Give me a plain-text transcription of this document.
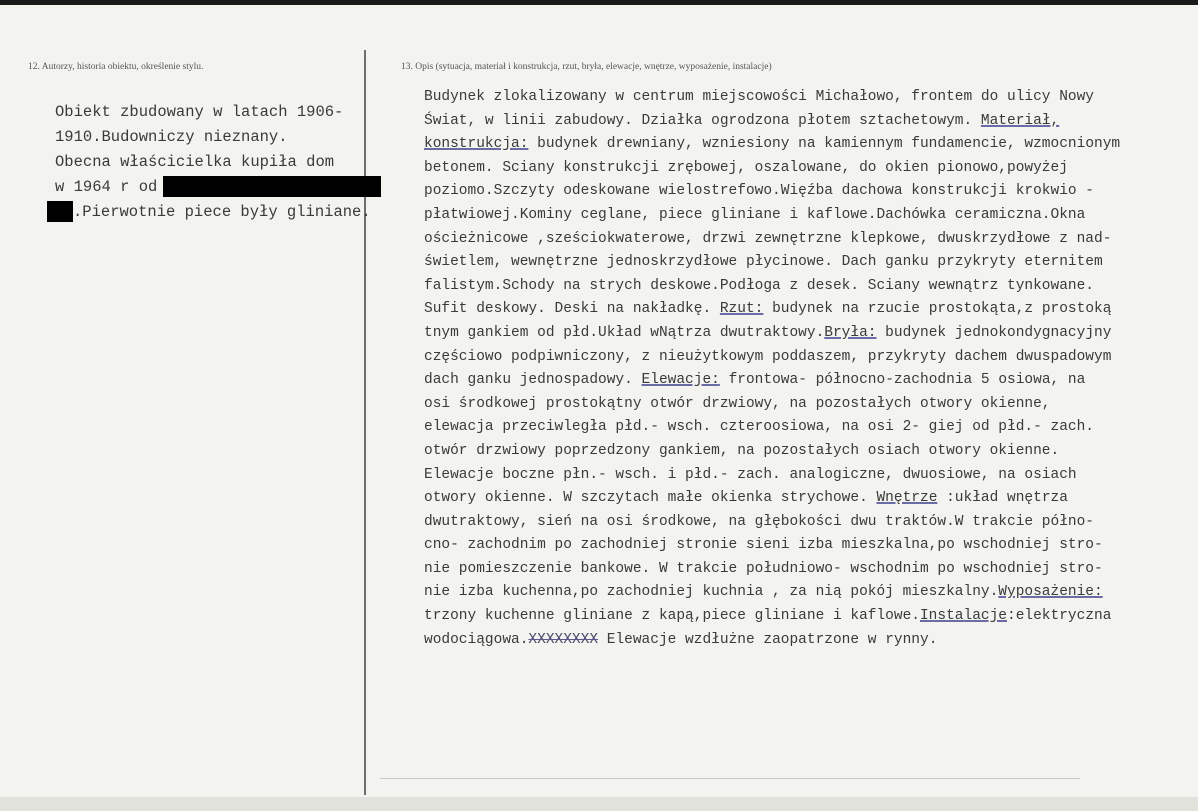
12. Autorzy, historia obiektu, określenie stylu.	13. Opis (sytuacja, materiał i konstrukcja, rzut, bryła, elewacje, wnętrze, wyposażenie, instalacje)
Obiekt zbudowany w latach 1906-
1910.Budowniczy nieznany.
Obecna właścicielka kupiła dom
w 1964 r od
.Pierwotnie piece były gliniane.
Budynek zlokalizowany w centrum miejscowości Michałowo, frontem do ulicy Nowy
Świat, w linii zabudowy. Działka ogrodzona płotem sztachetowym. Materiał,
konstrukcja: budynek drewniany, wzniesiony na kamiennym fundamencie, wzmocnionym
betonem. Sciany konstrukcji zrębowej, oszalowane, do okien pionowo,powyżej
poziomo.Szczyty odeskowane wielostrefowo.Więźba dachowa konstrukcji krokwio -
płatwiowej.Kominy ceglane, piece gliniane i kaflowe.Dachówka ceramiczna.Okna
ościeżnicowe ,sześciokwaterowe, drzwi zewnętrzne klepkowe, dwuskrzydłowe z nad-
świetlem, wewnętrzne jednoskrzydłowe płycinowe. Dach ganku przykryty eternitem
falistym.Schody na strych deskowe.Podłoga z desek. Sciany wewnątrz tynkowane.
Sufit deskowy. Deski na nakładkę. Rzut: budynek na rzucie prostokąta,z prostoką
tnym gankiem od płd.Układ wNątrza dwutraktowy.Bryła: budynek jednokondygnacyjny
częściowo podpiwniczony, z nieużytkowym poddaszem, przykryty dachem dwuspadowym
dach ganku jednospadowy. Elewacje: frontowa- północno-zachodnia 5 osiowa, na
osi środkowej prostokątny otwór drzwiowy, na pozostałych otwory okienne,
elewacja przeciwległa płd.- wsch. czteroosiowa, na osi 2- giej od płd.- zach.
otwór drzwiowy poprzedzony gankiem, na pozostałych osiach otwory okienne.
Elewacje boczne płn.- wsch. i płd.- zach. analogiczne, dwuosiowe, na osiach
otwory okienne. W szczytach małe okienka strychowe. Wnętrze :układ wnętrza
dwutraktowy, sień na osi środkowe, na głębokości dwu traktów.W trakcie półno-
cno- zachodnim po zachodniej stronie sieni izba mieszkalna,po wschodniej stro-
nie pomieszczenie bankowe. W trakcie południowo- wschodnim po wschodniej stro-
nie izba kuchenna,po zachodniej kuchnia , za nią pokój mieszkalny.Wyposażenie:
trzony kuchenne gliniane z kapą,piece gliniane i kaflowe.Instalacje:elektryczna
wodociągowa.XXXXXXXX Elewacje wzdłużne zaopatrzone w rynny.
